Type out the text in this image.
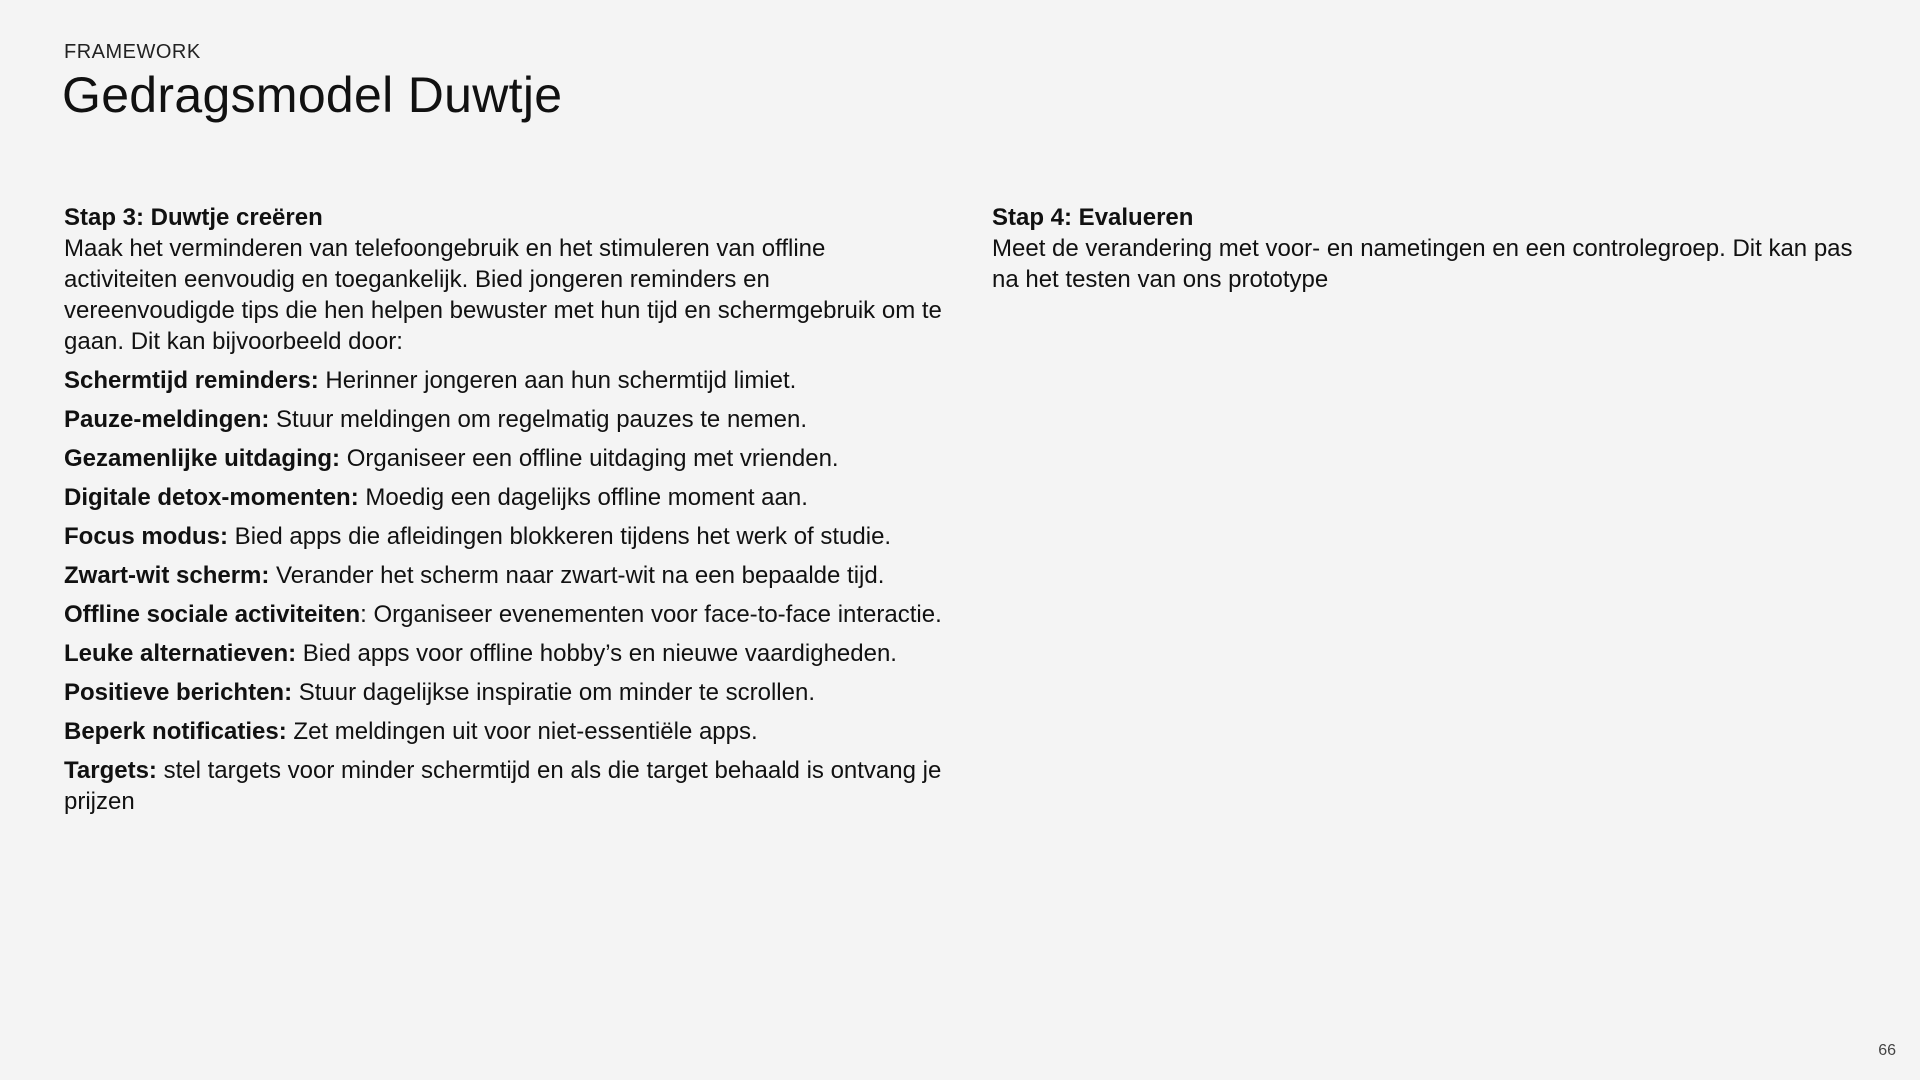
FRAMEWORK
Gedragsmodel Duwtje
Stap 3: Duwtje creëren

Maak het verminderen van telefoongebruik en het stimuleren van offline activiteiten eenvoudig en toegankelijk. Bied jongeren reminders en vereenvoudigde tips die hen helpen bewuster met hun tijd en schermgebruik om te gaan. Dit kan bijvoorbeeld door:

Schermtijd reminders: Herinner jongeren aan hun schermtijd limiet.

Pauze-meldingen: Stuur meldingen om regelmatig pauzes te nemen.

Gezamenlijke uitdaging: Organiseer een offline uitdaging met vrienden.

Digitale detox-momenten: Moedig een dagelijks offline moment aan.

Focus modus: Bied apps die afleidingen blokkeren tijdens het werk of studie.

Zwart-wit scherm: Verander het scherm naar zwart-wit na een bepaalde tijd.

Offline sociale activiteiten: Organiseer evenementen voor face-to-face interactie.

Leuke alternatieven: Bied apps voor offline hobby’s en nieuwe vaardigheden.

Positieve berichten: Stuur dagelijkse inspiratie om minder te scrollen.

Beperk notificaties: Zet meldingen uit voor niet-essentiële apps.

Targets: stel targets voor minder schermtijd en als die target behaald is ontvang je prijzen

Stap 4: Evalueren

Meet de verandering met voor- en nametingen en een controlegroep. Dit kan pas na het testen van ons prototype

66
